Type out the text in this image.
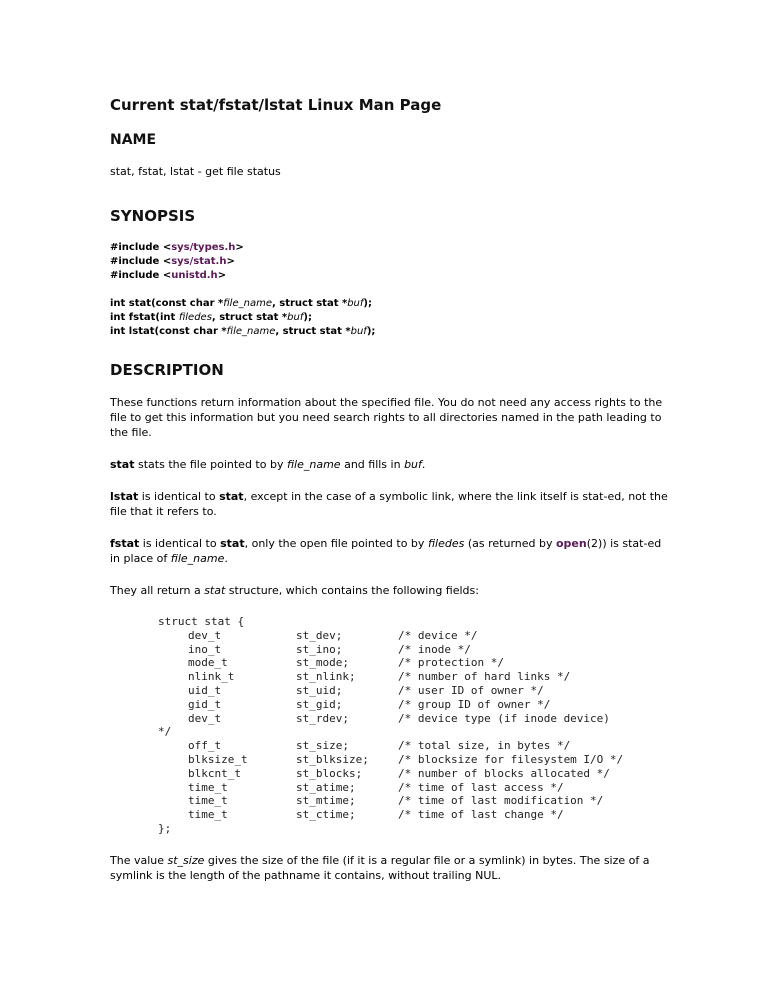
Current stat/fstat/lstat Linux Man Page
NAME

stat, fstat, lstat - get file status

SYNOPSIS
#include <sys/types.h>
#include <sys/stat.h>
#include <unistd.h>
int stat(const char *file_name, struct stat *buf);
int fstat(int filedes, struct stat *buf);
int lstat(const char *file_name, struct stat *buf);
DESCRIPTION

These functions return information about the specified file. You do not need any access rights to the file to get this information but you need search rights to all directories named in the path leading to the file.

stat stats the file pointed to by file_name and fills in buf.

lstat is identical to stat, except in the case of a symbolic link, where the link itself is stat-ed, not the file that it refers to.

fstat is identical to stat, only the open file pointed to by filedes (as returned by open(2)) is stat-ed in place of file_name.

They all return a stat structure, which contains the following fields:

struct stat {
dev_t	st_dev;	/* device */
ino_t	st_ino;	/* inode */
mode_t	st_mode;	/* protection */
nlink_t	st_nlink;	/* number of hard links */
uid_t	st_uid;	/* user ID of owner */
gid_t	st_gid;	/* group ID of owner */
dev_t	st_rdev;	/* device type (if inode device)
*/
off_t	st_size;	/* total size, in bytes */
blksize_t	st_blksize;	/* blocksize for filesystem I/O */
blkcnt_t	st_blocks;	/* number of blocks allocated */
time_t	st_atime;	/* time of last access */
time_t	st_mtime;	/* time of last modification */
time_t	st_ctime;	/* time of last change */
};

The value st_size gives the size of the file (if it is a regular file or a symlink) in bytes. The size of a symlink is the length of the pathname it contains, without trailing NUL.
